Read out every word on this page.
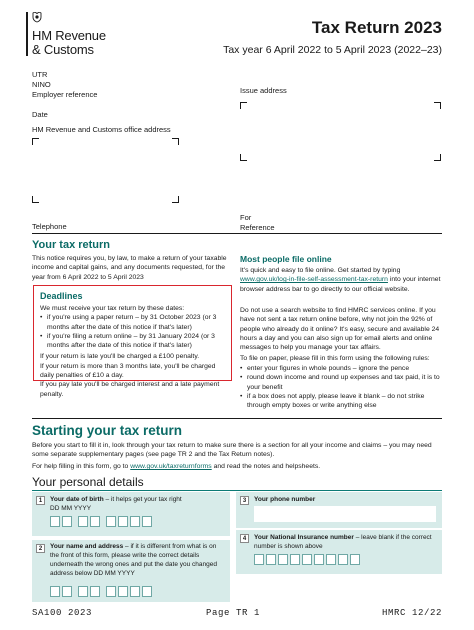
HM Revenue
& Customs
Tax Return 2023
Tax year 6 April 2022 to 5 April 2023 (2022–23)
UTR
NINO
Employer reference
Date
HM Revenue and Customs office address
Issue address
Telephone
For
Reference
Your tax return
This notice requires you, by law, to make a return of your taxable income and capital gains, and any documents requested, for the year from 6 April 2022 to 5 April 2023
Deadlines
We must receive your tax return by these dates:
• if you're using a paper return – by 31 October 2023 (or 3 months after the date of this notice if that's later)
• if you're filing a return online – by 31 January 2024 (or 3 months after the date of this notice if that's later)
If your return is late you'll be charged a £100 penalty.
If your return is more than 3 months late, you'll be charged daily penalties of £10 a day.
If you pay late you'll be charged interest and a late payment penalty.
Most people file online
It's quick and easy to file online. Get started by typing www.gov.uk/log-in-file-self-assessment-tax-return into your internet browser address bar to go directly to our official website.
Do not use a search website to find HMRC services online. If you have not sent a tax return online before, why not join the 92% of people who already do it online? It's easy, secure and available 24 hours a day and you can also sign up for email alerts and online messages to help you manage your tax affairs.
To file on paper, please fill in this form using the following rules:
• enter your figures in whole pounds – ignore the pence
• round down income and round up expenses and tax paid, it is to your benefit
• if a box does not apply, please leave it blank – do not strike through empty boxes or write anything else
Starting your tax return
Before you start to fill it in, look through your tax return to make sure there is a section for all your income and claims – you may need some separate supplementary pages (see page TR 2 and the Tax Return notes).
For help filling in this form, go to www.gov.uk/taxreturnforms and read the notes and helpsheets.
Your personal details
1	Your date of birth – it helps get your tax right
DD MM YYYY
3	Your phone number
2	Your name and address – if it is different from what is on the front of this form, please write the correct details underneath the wrong ones and put the date you changed address below DD MM YYYY
4	Your National Insurance number – leave blank if the correct number is shown above
SA100 2023	Page TR 1	HMRC 12/22
